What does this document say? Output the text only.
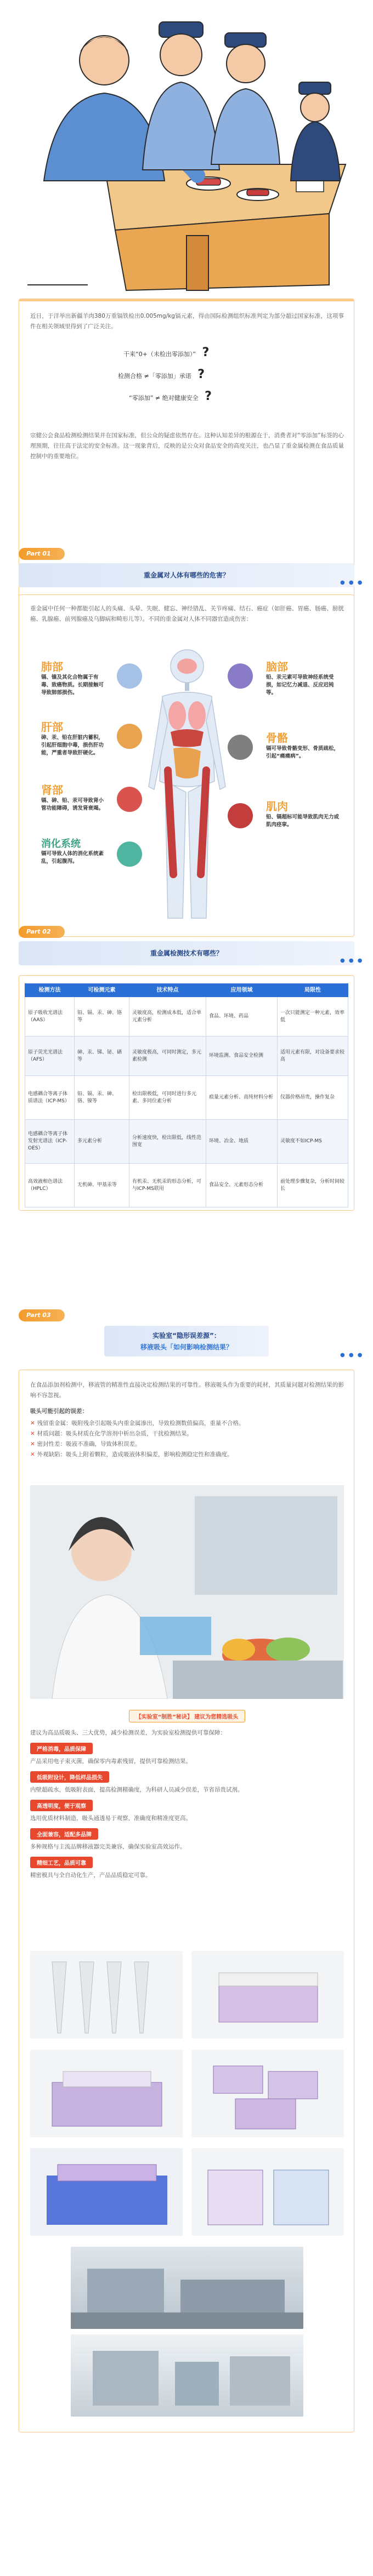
近日，于洋举出新疆羊肉380万重镉铁检出0.005mg/kg镉元素，得由国际检测组织标准判定为部分超过国家标准，这项事件在相关领域里得到了广泛关注。

干来“0+（未检出零添加）” ?
检测合格 ≠「零添加」承诺 ?
“零添加” ≠ 绝对健康安全 ?

宗健公会食品检测检测结果并在国家标准，但公众的疑虑依然存在。这种认知差异的根源在于，消费者对“零添加”标签的心理预期，往往高于法定的安全标准。这一现象背后，反映的是公众对食品安全的高度关注，也凸显了重金属检测在食品质量控制中的重要地位。

Part 01
重金属对人体有哪些的危害？
● ● ●

重金属中任何一种都能引起人的头痛、头晕、失眠、健忘、神经错乱、关节疼痛、结石、癌症（如肝癌、胃癌、肠癌、膀胱癌、乳腺癌、前列腺癌及乌脚病和畸形儿等）。不同的重金属对人体不同器官造成伤害：

肺部
镉、镍及其化合物属于有毒、致癌物质。长期接触可导致肺部损伤。
肝部
砷、汞、铅在肝脏内蓄积，引起肝细胞中毒，损伤肝功能，严重者导致肝硬化。
肾部
镉、砷、铅、汞可导致肾小管功能障碍，诱发肾衰竭。
消化系统
镉可导致人体的消化系统紊乱，引起腹泻。
脑部
铅、汞元素可导致神经系统受损，如记忆力减退、反应迟钝等。
骨骼
镉可导致骨骼变形、骨质疏松，引起“痛痛病”。
肌肉
铅、镉超标可能导致肌肉无力或肌肉痉挛。
Part 02
重金属检测技术有哪些？
● ● ●
检测方法	可检测元素	技术特点	应用领域	局限性
原子吸收光谱法（AAS）	铅、镉、汞、砷、铬等	灵敏度高，检测成本低，适合单元素分析	食品、环境、药品	一次只能测定一种元素，效率低
原子荧光光谱法（AFS）	砷、汞、锑、铋、硒等	灵敏度极高，可同时测定，多元素检测	环境监测、食品安全检测	适用元素有限，对设备要求较高
电感耦合等离子体质谱法（ICP-MS）	铅、镉、汞、砷、铬、镍等	检出限极低，可同时进行多元素、多同位素分析	痕量元素分析、高纯材料分析	仪器价格昂贵，操作复杂
电感耦合等离子体发射光谱法（ICP-OES）	多元素分析	分析速度快，检出限低，线性范围宽	环境、冶金、地质	灵敏度不如ICP-MS
高效液相色谱法（HPLC）	无机砷、甲基汞等	有机汞、无机汞的形态分析，可与ICP-MS联用	食品安全、元素形态分析	前处理步骤复杂，分析时间较长
Part 03
实验室“隐形误差源”：
移液吸头「如何影响检测结果？
● ● ●

在食品添加剂检测中，移液管的精准性直接决定检测结果的可靠性。移液吸头作为重要的耗材，其质量问题对检测结果的影响不容忽视。

吸头可能引起的误差：

✕ 残留重金属：吸附残余引起吸头内重金属渗出，导致检测数值偏高，重量不合格。
✕ 材质问题：吸头材质在化学溶剂中析出杂质，干扰检测结果。
✕ 密封性差：吸液不准确，导致体积误差。
✕ 外观缺陷：吸头上附着颗粒，造成吸液体积偏差，影响检测稳定性和准确度。
【实验室“制胜”秘诀】 建议为您精选吸头

建议为高品质吸头、三大优势，减少检测误差，为实验室检测提供可靠保障：

严格消毒，品质保障

产品采用电子束灭菌，确保零内毒素残留，提供可靠检测结果。

低吸附设计，降低样品损失

内壁超疏水，低吸附表面，提高检测精确度，为科研人员减少误差，节省昂贵试剂。

高透明度，便于观察

选用优质材料制造，吸头通透易于观察，准确度和精准度更高。

全面兼容，适配多品牌

多种规格与主流品牌移液器完美兼容，确保实验室高效运作。

精细工艺，品质可靠

精密模具与全自动化生产，产品品质稳定可靠。
